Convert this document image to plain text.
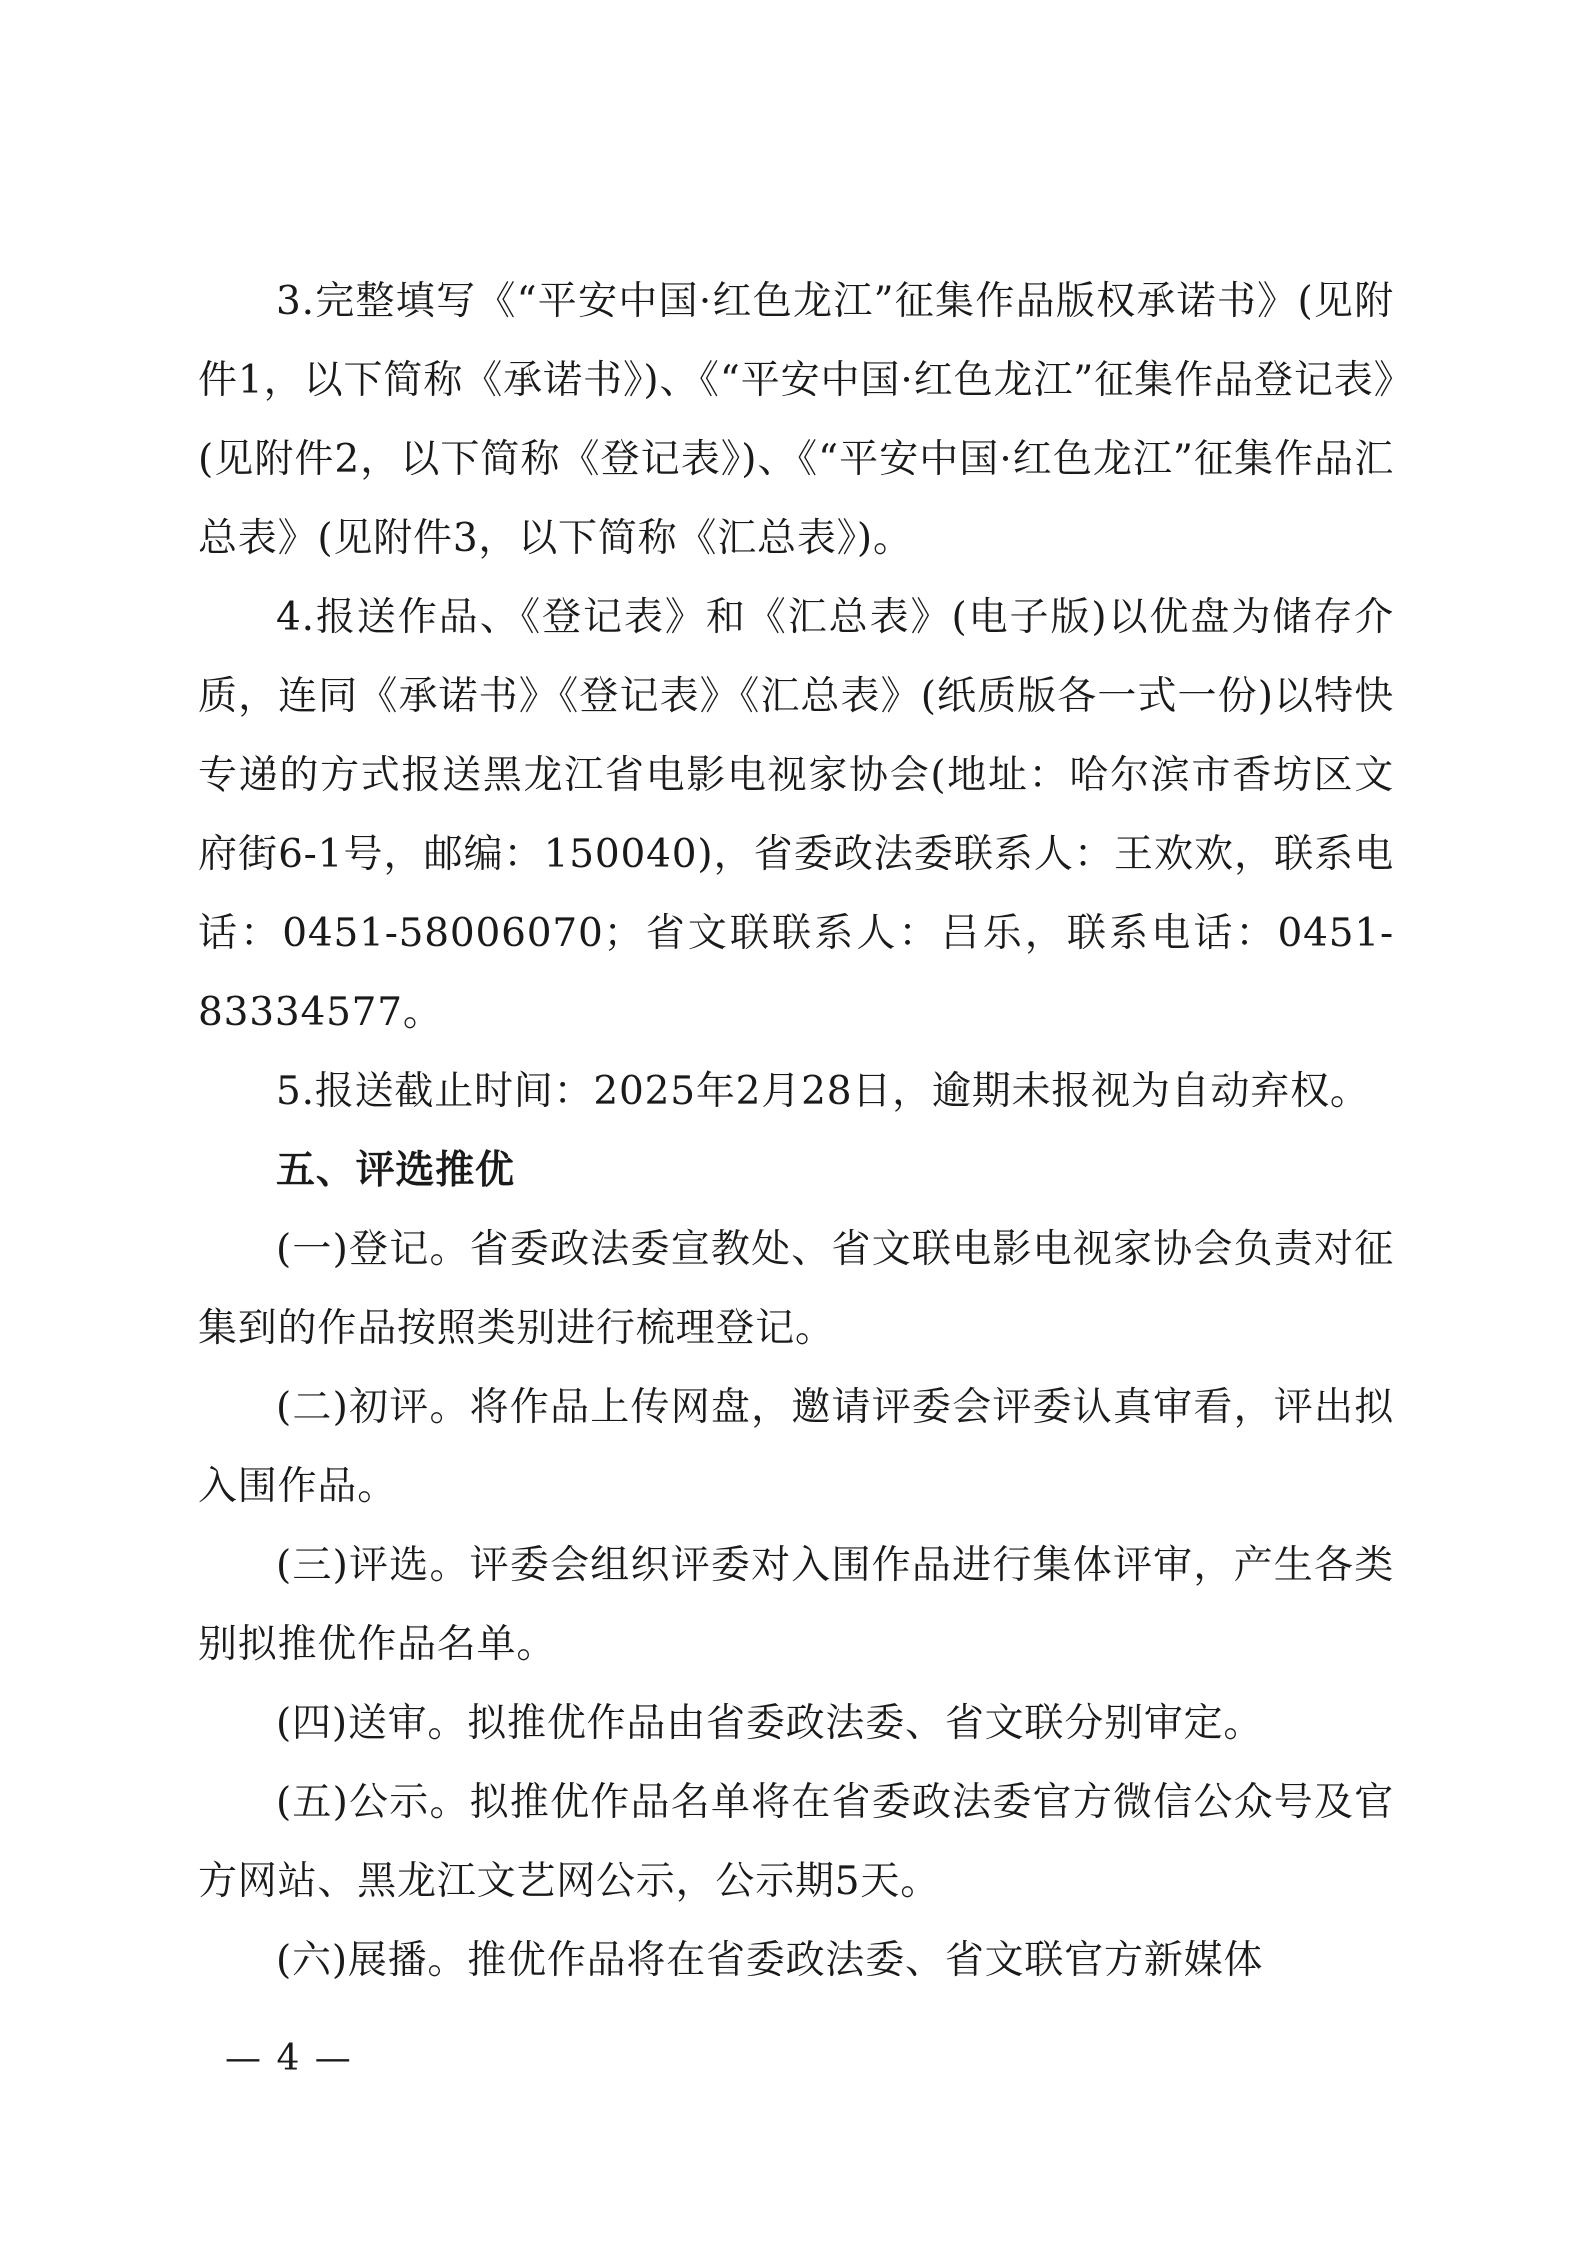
3.完整填写《“平安中国·红色龙江”征集作品版权承诺书》(见附件1，以下简称《承诺书》)、《“平安中国·红色龙江”征集作品登记表》(见附件2，以下简称《登记表》)、《“平安中国·红色龙江”征集作品汇总表》(见附件3，以下简称《汇总表》)。

4.报送作品、《登记表》和《汇总表》(电子版)以优盘为储存介质，连同《承诺书》《登记表》《汇总表》(纸质版各一式一份)以特快专递的方式报送黑龙江省电影电视家协会(地址：哈尔滨市香坊区文府街6-1号，邮编：150040)，省委政法委联系人：王欢欢，联系电话：0451-58006070；省文联联系人：吕乐，联系电话：0451-83334577。

5.报送截止时间：2025年2月28日，逾期未报视为自动弃权。

五、评选推优

(一)登记。省委政法委宣教处、省文联电影电视家协会负责对征集到的作品按照类别进行梳理登记。

(二)初评。将作品上传网盘，邀请评委会评委认真审看，评出拟入围作品。

(三)评选。评委会组织评委对入围作品进行集体评审，产生各类别拟推优作品名单。

(四)送审。拟推优作品由省委政法委、省文联分别审定。

(五)公示。拟推优作品名单将在省委政法委官方微信公众号及官方网站、黑龙江文艺网公示，公示期5天。

(六)展播。推优作品将在省委政法委、省文联官方新媒体

— 4 —
